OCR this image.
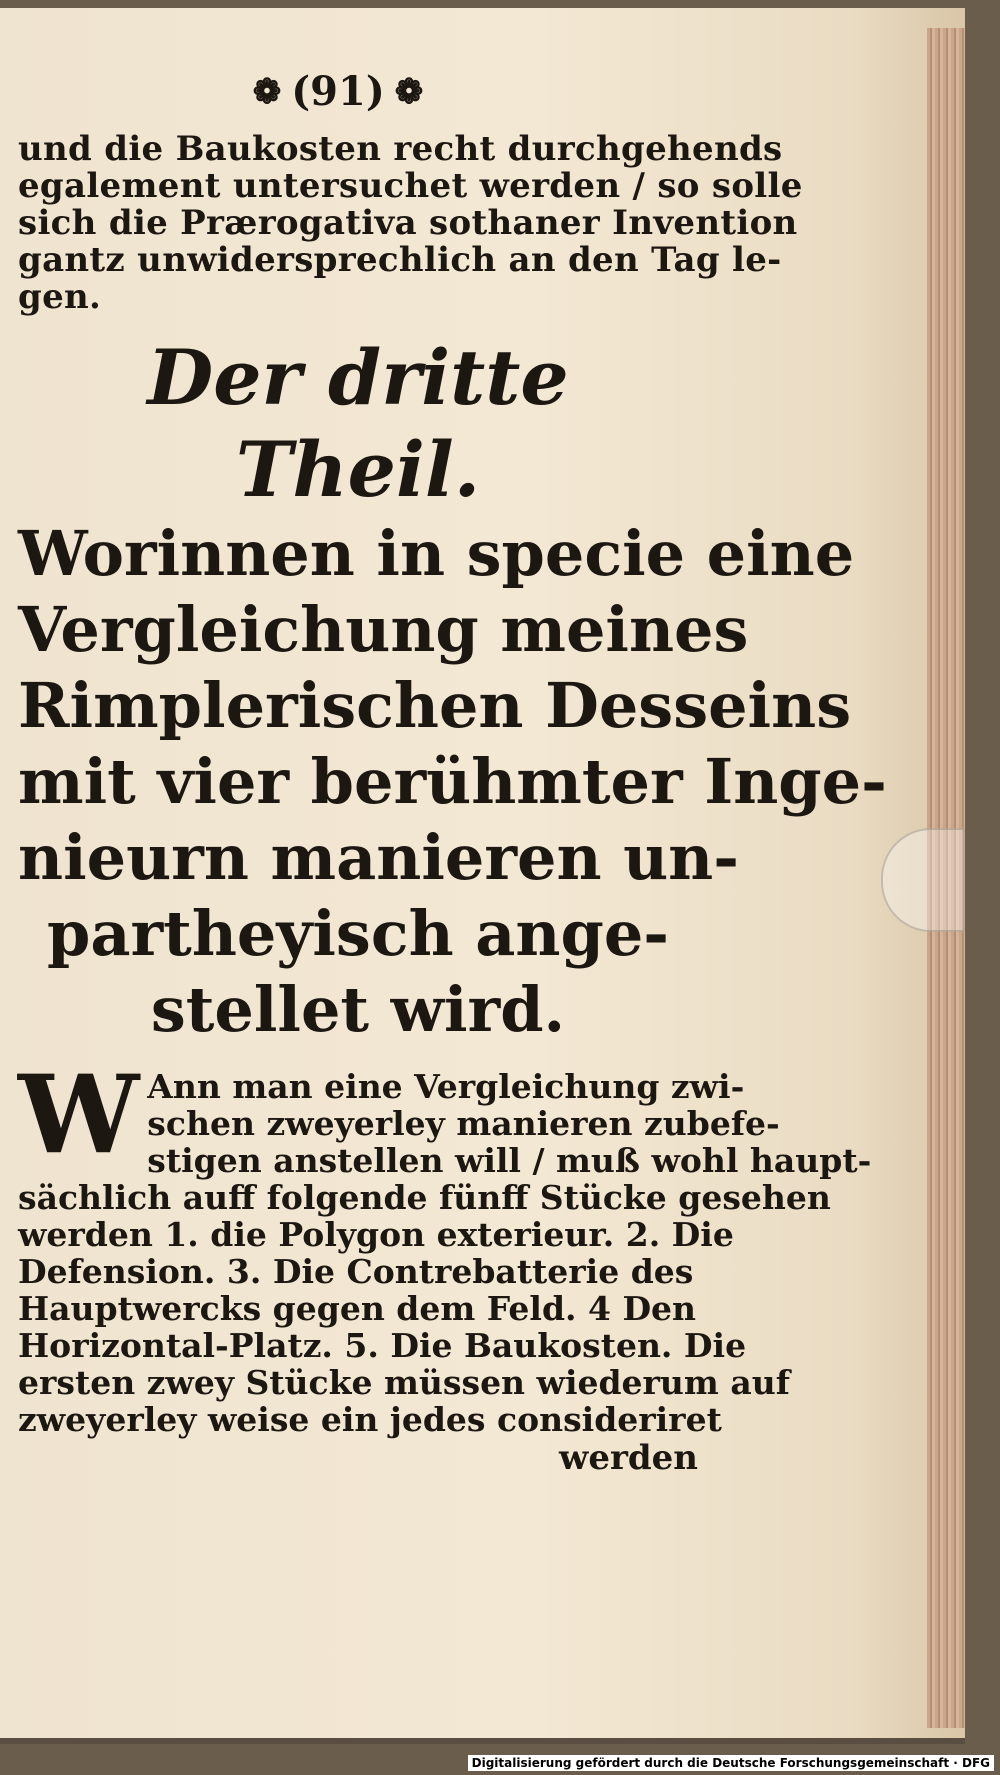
❁ (91) ❁
und die Baukosten recht durchgehends
egalement untersuchet werden / so solle
sich die Prærogativa sothaner Invention
gantz unwidersprechlich an den Tag le-
gen.
Der dritte Theil.
Worinnen in specie eine
Vergleichung meines
Rimplerischen Desseins
mit vier berühmter Inge-
nieurn manieren un-
partheyisch ange-
stellet wird.
W Ann man eine Vergleichung zwi-
schen zweyerley manieren zubefe-
stigen anstellen will / muß wohl haupt-
sächlich auff folgende fünff Stücke gesehen
werden 1. die Polygon exterieur. 2. Die
Defension. 3. Die Contrebatterie des
Hauptwercks gegen dem Feld. 4 Den
Horizontal-Platz. 5. Die Baukosten. Die
ersten zwey Stücke müssen wiederum auf
zweyerley weise ein jedes consideriret
werden
Digitalisierung gefördert durch die Deutsche Forschungsgemeinschaft · DFG
